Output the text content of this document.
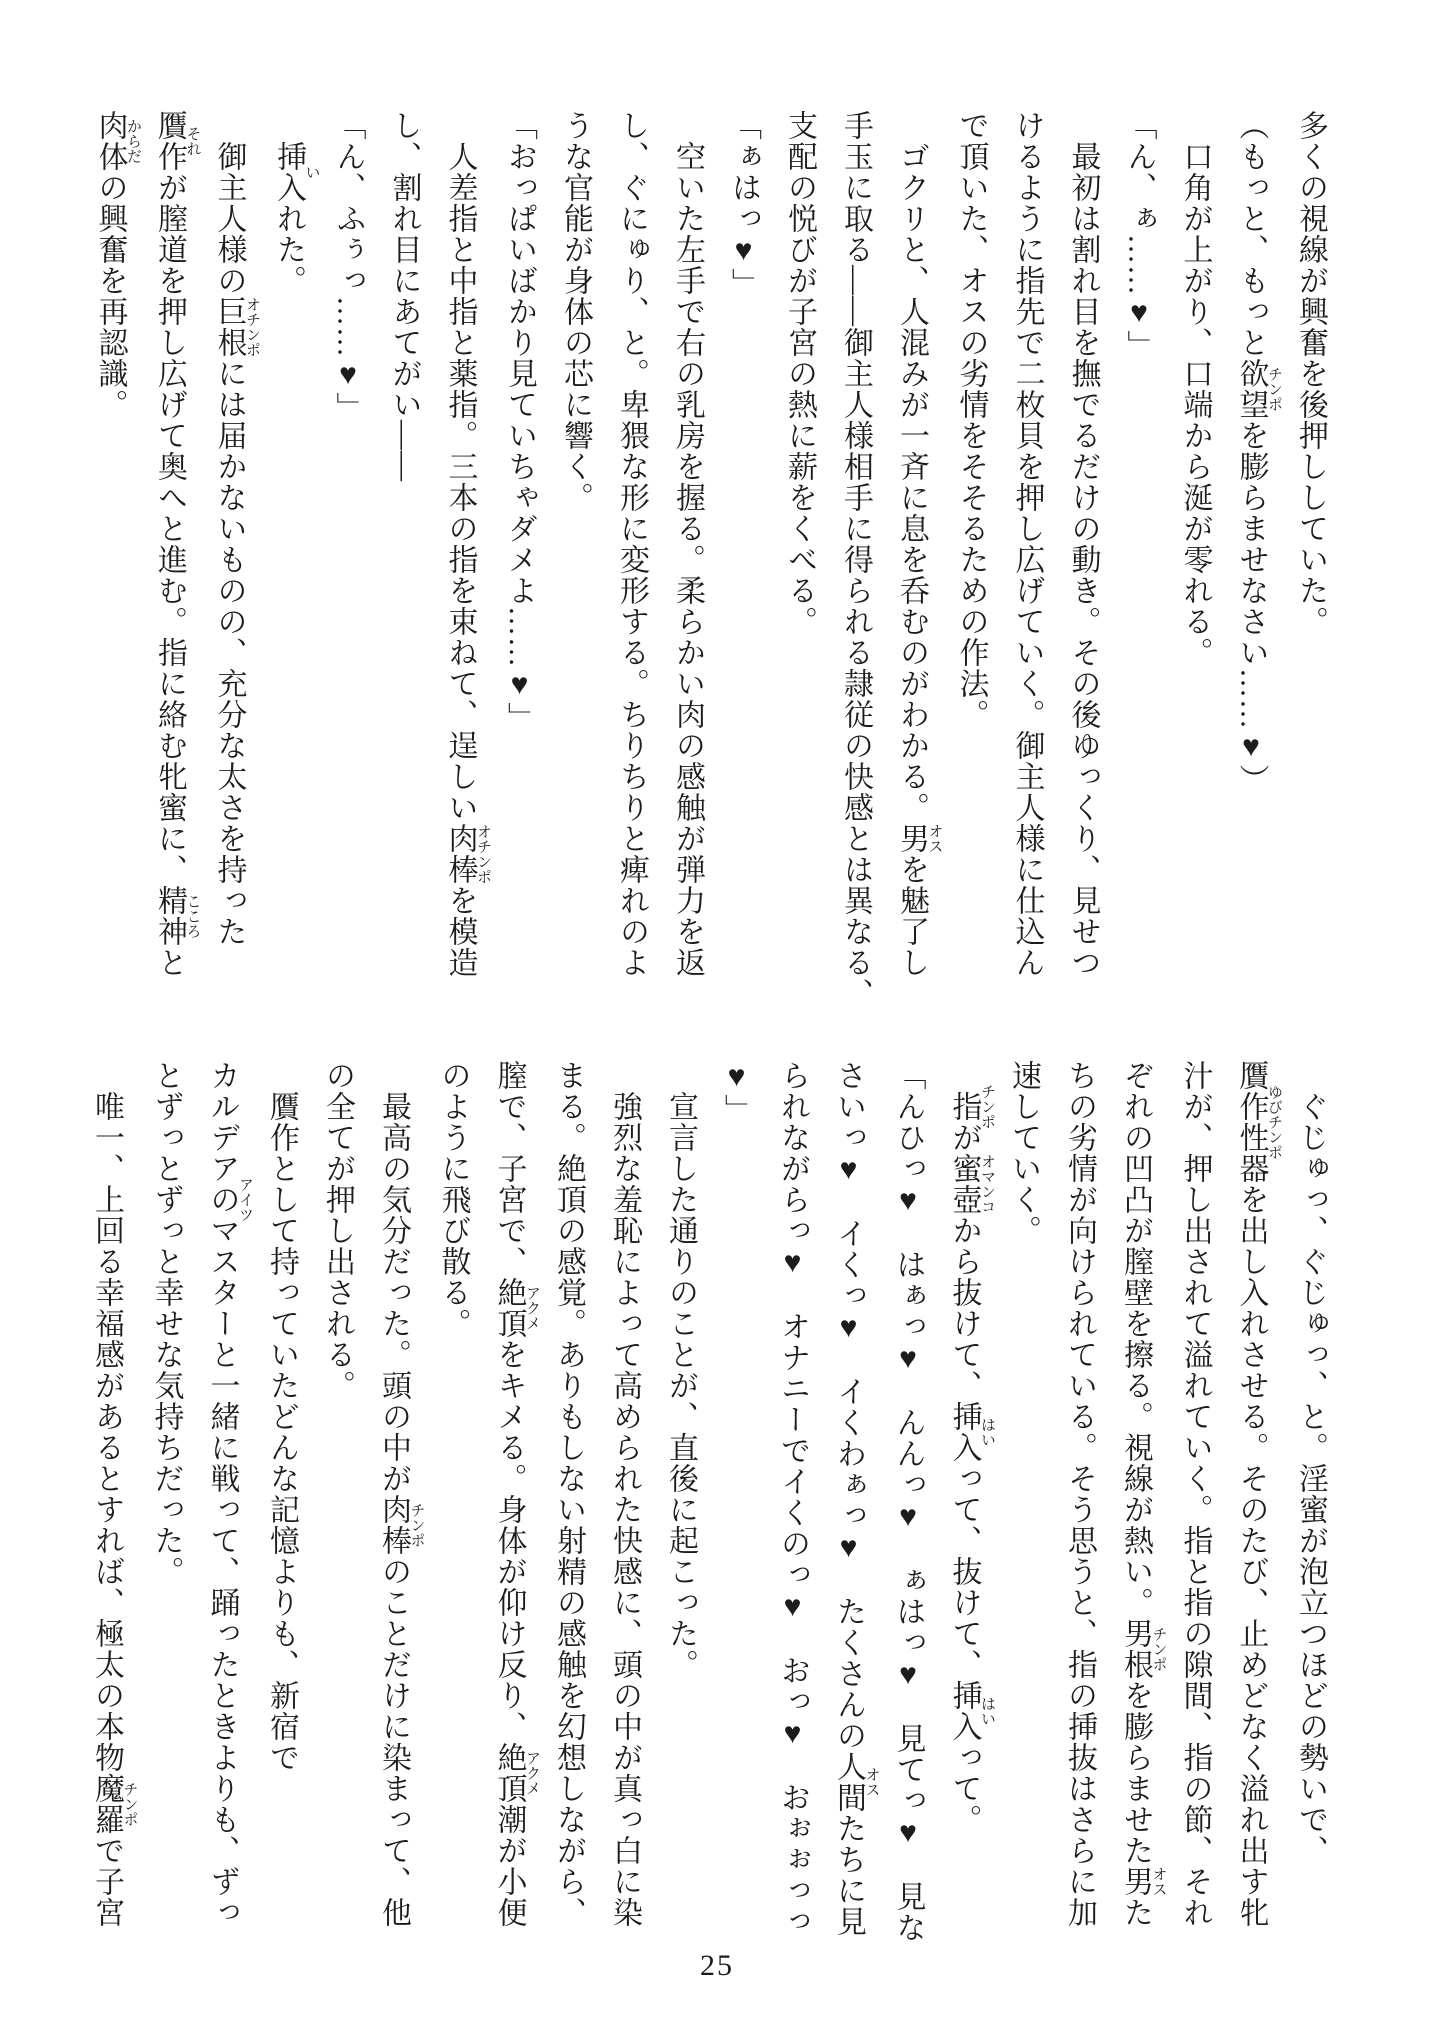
多くの視線が興奮を後押ししていた。
（もっと、もっと欲望チンポを膨らませなさい……♥）
　口角が上がり、口端から涎が零れる。
「ん、ぁ……♥」
　最初は割れ目を撫でるだけの動き。その後ゆっくり、見せつ
けるように指先で二枚貝を押し広げていく。御主人様に仕込ん
で頂いた、オスの劣情をそそるための作法。
　ゴクリと、人混みが一斉に息を呑むのがわかる。男オスを魅了し
手玉に取る――御主人様相手に得られる隷従の快感とは異なる、
支配の悦びが子宮の熱に薪をくべる。
「ぁはっ♥」
　空いた左手で右の乳房を握る。柔らかい肉の感触が弾力を返
し、ぐにゅり、と。卑猥な形に変形する。ちりちりと痺れのよ
うな官能が身体の芯に響く。
「おっぱいばかり見ていちゃダメよ……♥」
　人差指と中指と薬指。三本の指を束ねて、逞しい肉棒オチンポを模造
し、割れ目にあてがい――
「ん、ふぅっ……♥」
　挿入いれた。
　御主人様の巨根オチンポには届かないものの、充分な太さを持った
贋作それが膣道を押し広げて奥へと進む。指に絡む牝蜜に、精神こころと
肉体からだの興奮を再認識。
　ぐじゅっ、ぐじゅっ、と。淫蜜が泡立つほどの勢いで、
贋作性器ゆびチンポを出し入れさせる。そのたび、止めどなく溢れ出す牝
汁が、押し出されて溢れていく。指と指の隙間、指の節、それ
ぞれの凹凸が膣壁を擦る。視線が熱い。男根チンポを膨らませた男オスた
ちの劣情が向けられている。そう思うと、指の挿抜はさらに加
速していく。
　指チンポが蜜壺オマンコから抜けて、挿入はいって、抜けて、挿入はいって。
「んひっ♥　はぁっ♥　んんっ♥　ぁはっ♥　見てっ♥　見な
さいっ♥　イくっ♥　イくわぁっ♥　たくさんの人間オスたちに見
られながらっ♥　オナニーでイくのっ♥　おっ♥　おぉぉっっ
♥」
　宣言した通りのことが、直後に起こった。
　強烈な羞恥によって高められた快感に、頭の中が真っ白に染
まる。絶頂の感覚。ありもしない射精の感触を幻想しながら、
膣で、子宮で、絶頂アクメをキメる。身体が仰け反り、絶頂アクメ潮が小便
のように飛び散る。
　最高の気分だった。頭の中が肉棒チンポのことだけに染まって、他
の全てが押し出される。
　贋作として持っていたどんな記憶よりも、新宿で
カルデアのマスターアイツと一緒に戦って、踊ったときよりも、ずっ
とずっとずっと幸せな気持ちだった。
　唯一、上回る幸福感があるとすれば、極太の本物魔羅チンポで子宮
25
